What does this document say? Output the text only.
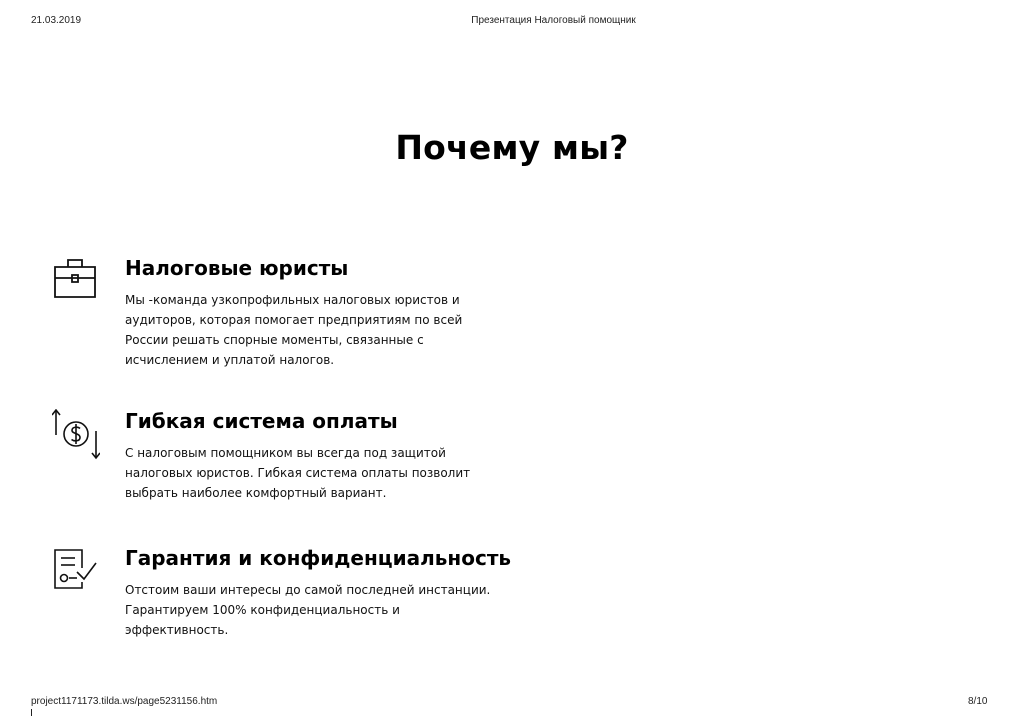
21.03.2019	Презентация Налоговый помощник
Почему мы?
Налоговые юристы
Мы -команда узкопрофильных налоговых юристов и аудиторов, которая помогает предприятиям по всей России решать спорные моменты, связанные с исчислением и уплатой налогов.
Гибкая система оплаты
С налоговым помощником вы всегда под защитой налоговых юристов. Гибкая система оплаты позволит выбрать наиболее комфортный вариант.
Гарантия и конфиденциальность
Отстоим ваши интересы до самой последней инстанции. Гарантируем 100% конфиденциальность и эффективность.
project1171173.tilda.ws/page5231156.htm	8/10
